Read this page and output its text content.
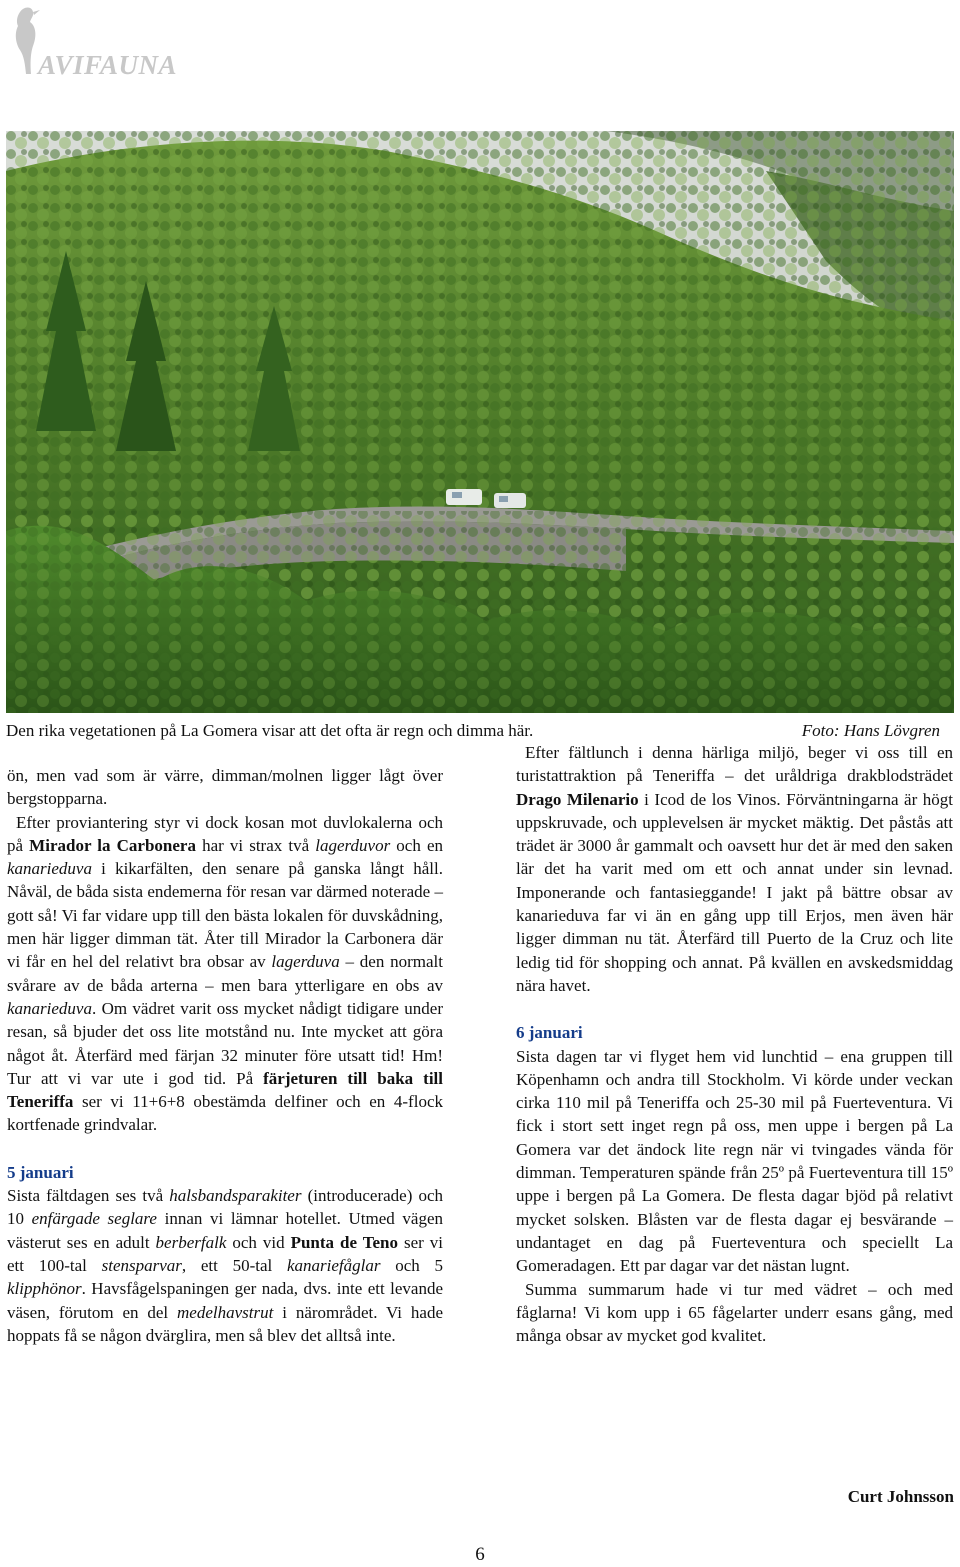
AVIFAUNA
Den rika vegetationen på La Gomera visar att det ofta är regn och dimma här.	Foto: Hans Lövgren

ön, men vad som är värre, dimman/molnen ligger lågt över bergstopparna.

Efter proviantering styr vi dock kosan mot duvlokalerna och på Mirador la Carbonera har vi strax två lagerduvor och en kanarieduva i kikarfälten, den senare på ganska långt håll. Nåväl, de båda sista endemerna för resan var därmed noterade – gott så! Vi far vidare upp till den bästa lokalen för duvskådning, men här ligger dimman tät. Åter till Mirador la Carbonera där vi får en hel del relativt bra obsar av lagerduva – den normalt svårare av de båda arterna – men bara ytterligare en obs av kanarieduva. Om vädret varit oss mycket nådigt tidigare under resan, så bjuder det oss lite motstånd nu. Inte mycket att göra något åt. Återfärd med färjan 32 minuter före utsatt tid! Hm! Tur att vi var ute i god tid. På färjeturen till baka till Teneriffa ser vi 11+6+8 obestämda delfiner och en 4-flock kortfenade grindvalar.

5 januari

Sista fältdagen ses två halsbandsparakiter (introducerade) och 10 enfärgade seglare innan vi lämnar hotellet. Utmed vägen västerut ses en adult berberfalk och vid Punta de Teno ser vi ett 100-tal stensparvar, ett 50-tal kanariefåglar och 5 klipphönor. Havsfågelspaningen ger nada, dvs. inte ett levande väsen, förutom en del medelhavstrut i närområdet. Vi hade hoppats få se någon dvärglira, men så blev det alltså inte.

Efter fältlunch i denna härliga miljö, beger vi oss till en turistattraktion på Teneriffa – det uråldriga drakblodsträdet Drago Milenario i Icod de los Vinos. Förväntningarna är högt uppskruvade, och upplevelsen är mycket mäktig. Det påstås att trädet är 3000 år gammalt och oavsett hur det är med den saken lär det ha varit med om ett och annat under sin levnad. Imponerande och fantasieggande! I jakt på bättre obsar av kanarieduva far vi än en gång upp till Erjos, men även här ligger dimman nu tät. Återfärd till Puerto de la Cruz och lite ledig tid för shopping och annat. På kvällen en avskedsmiddag nära havet.

6 januari

Sista dagen tar vi flyget hem vid lunchtid – ena gruppen till Köpenhamn och andra till Stockholm. Vi körde under veckan cirka 110 mil på Teneriffa och 25-30 mil på Fuerteventura. Vi fick i stort sett inget regn på oss, men uppe i bergen på La Gomera var det ändock lite regn när vi tvingades vända för dimman. Temperaturen spände från 25º på Fuerteventura till 15º uppe i bergen på La Gomera. De flesta dagar bjöd på relativt mycket solsken. Blåsten var de flesta dagar ej besvärande – undantaget en dag på Fuerteventura och speciellt La Gomeradagen. Ett par dagar var det nästan lugnt.

Summa summarum hade vi tur med vädret – och med fåglarna! Vi kom upp i 65 fågelarter underr esans gång, med många obsar av mycket god kvalitet.

Curt Johnsson
6
